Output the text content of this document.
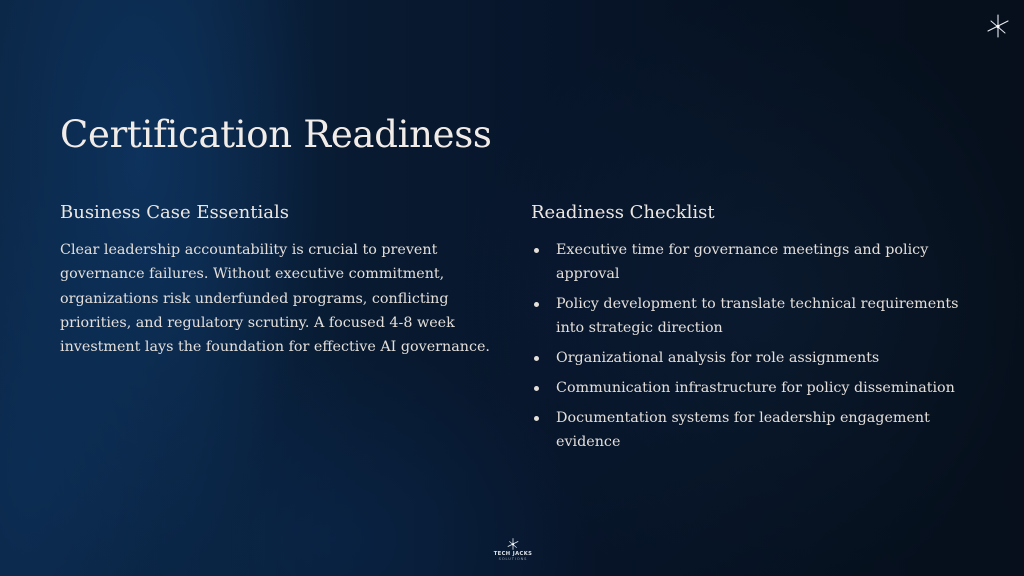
Certification Readiness
Business Case Essentials

Clear leadership accountability is crucial to prevent governance failures. Without executive commitment, organizations risk underfunded programs, conflicting priorities, and regulatory scrutiny. A focused 4-8 week investment lays the foundation for effective AI governance.

Readiness Checklist
Executive time for governance meetings and policy approval
Policy development to translate technical requirements into strategic direction
Organizational analysis for role assignments
Communication infrastructure for policy dissemination
Documentation systems for leadership engagement evidence
TECH JACKS
SOLUTIONS
